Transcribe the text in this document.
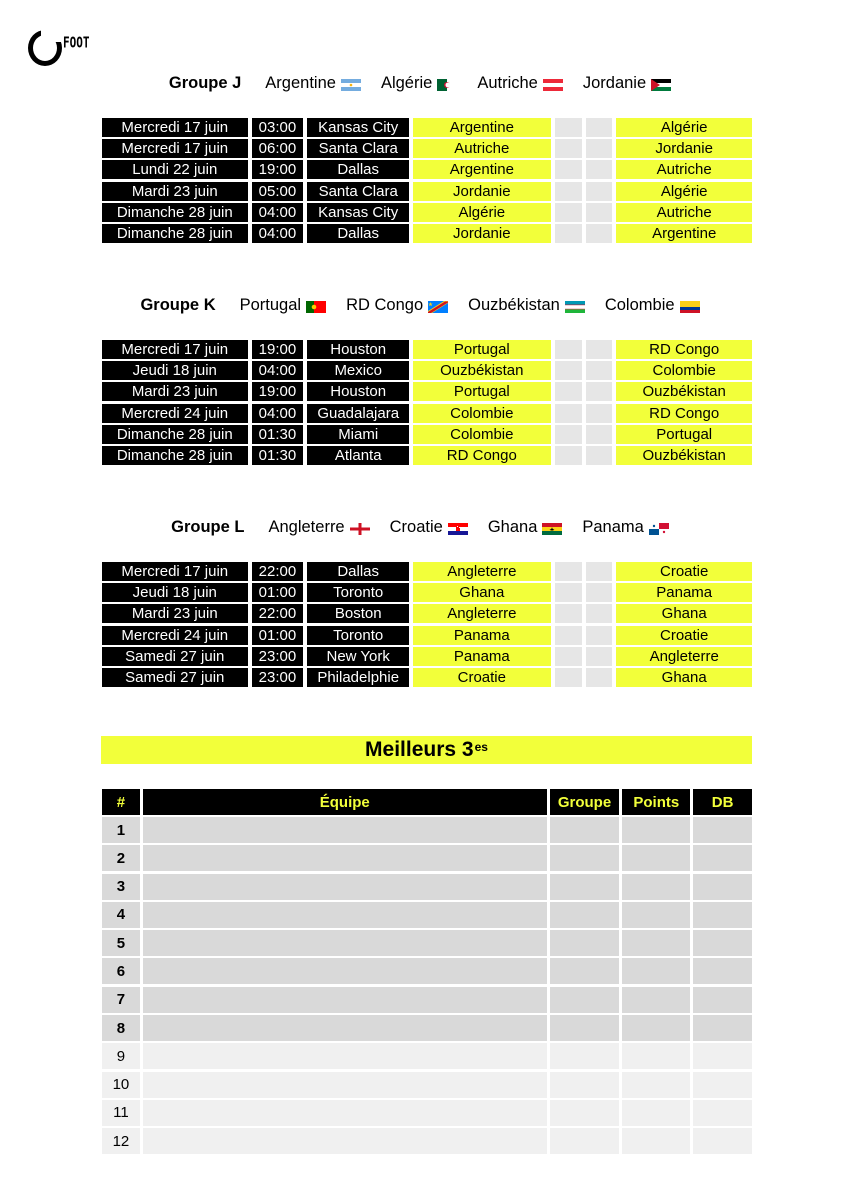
FOOT
Groupe J Argentine	Algérie	Autriche	Jordanie
Mercredi 17 juin	03:00	Kansas City	Argentine	Algérie
Mercredi 17 juin	06:00	Santa Clara	Autriche	Jordanie
Lundi 22 juin	19:00	Dallas	Argentine	Autriche
Mardi 23 juin	05:00	Santa Clara	Jordanie	Algérie
Dimanche 28 juin	04:00	Kansas City	Algérie	Autriche
Dimanche 28 juin	04:00	Dallas	Jordanie	Argentine
Groupe K Portugal	RD Congo	Ouzbékistan	Colombie
Mercredi 17 juin	19:00	Houston	Portugal	RD Congo
Jeudi 18 juin	04:00	Mexico	Ouzbékistan	Colombie
Mardi 23 juin	19:00	Houston	Portugal	Ouzbékistan
Mercredi 24 juin	04:00	Guadalajara	Colombie	RD Congo
Dimanche 28 juin	01:30	Miami	Colombie	Portugal
Dimanche 28 juin	01:30	Atlanta	RD Congo	Ouzbékistan
Groupe L Angleterre	Croatie	Ghana	Panama
Mercredi 17 juin	22:00	Dallas	Angleterre	Croatie
Jeudi 18 juin	01:00	Toronto	Ghana	Panama
Mardi 23 juin	22:00	Boston	Angleterre	Ghana
Mercredi 24 juin	01:00	Toronto	Panama	Croatie
Samedi 27 juin	23:00	New York	Panama	Angleterre
Samedi 27 juin	23:00	Philadelphie	Croatie	Ghana
Meilleurs $3^{es}$
#	Équipe	Groupe	Points	DB
1
2
3
4
5
6
7
8
9
10
11
12
